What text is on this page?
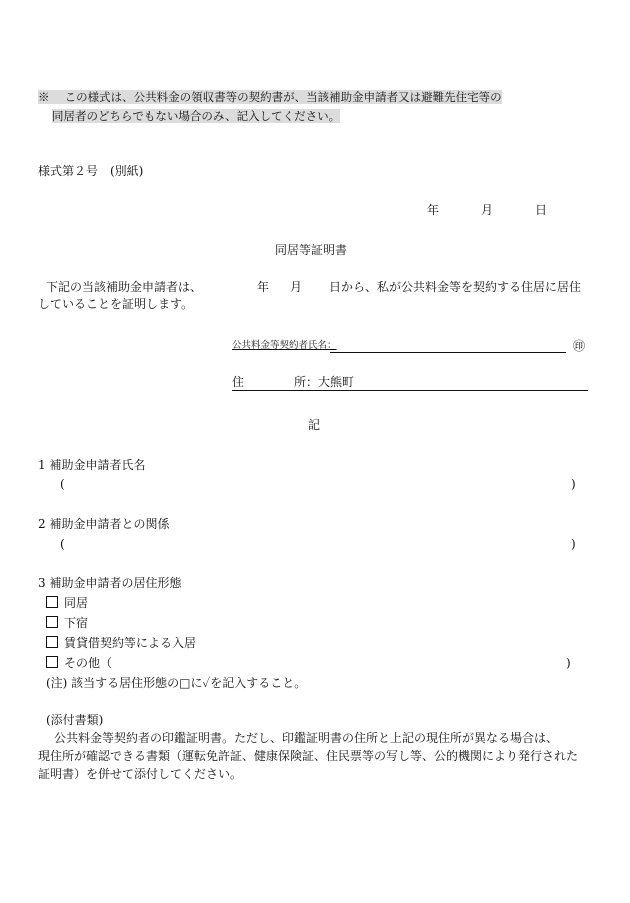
※　 この様式は、公共料金の領収書等の契約書が、当該補助金申請者又は避難先住宅等の
同居者のどちらでもない場合のみ、記入してください。
様式第２号　(別紙)
年	月	日
同居等証明書
下記の当該補助金申請者は、	年 月 日から、私が公共料金等を契約する住居に居住
していることを証明します。
公共料金等契約者氏名：	㊞
住	所：大熊町
記
1 補助金申請者氏名
(	)
2 補助金申請者との関係
(	)
3 補助金申請者の居住形態
同居
下宿
賃貸借契約等による入居
その他（	)
(注) 該当する居住形態の□に✓を記入すること。
(添付書類)
公共料金等契約者の印鑑証明書。ただし、印鑑証明書の住所と上記の現住所が異なる場合は、
現住所が確認できる書類（運転免許証、健康保険証、住民票等の写し等、公的機関により発行された
証明書）を併せて添付してください。
